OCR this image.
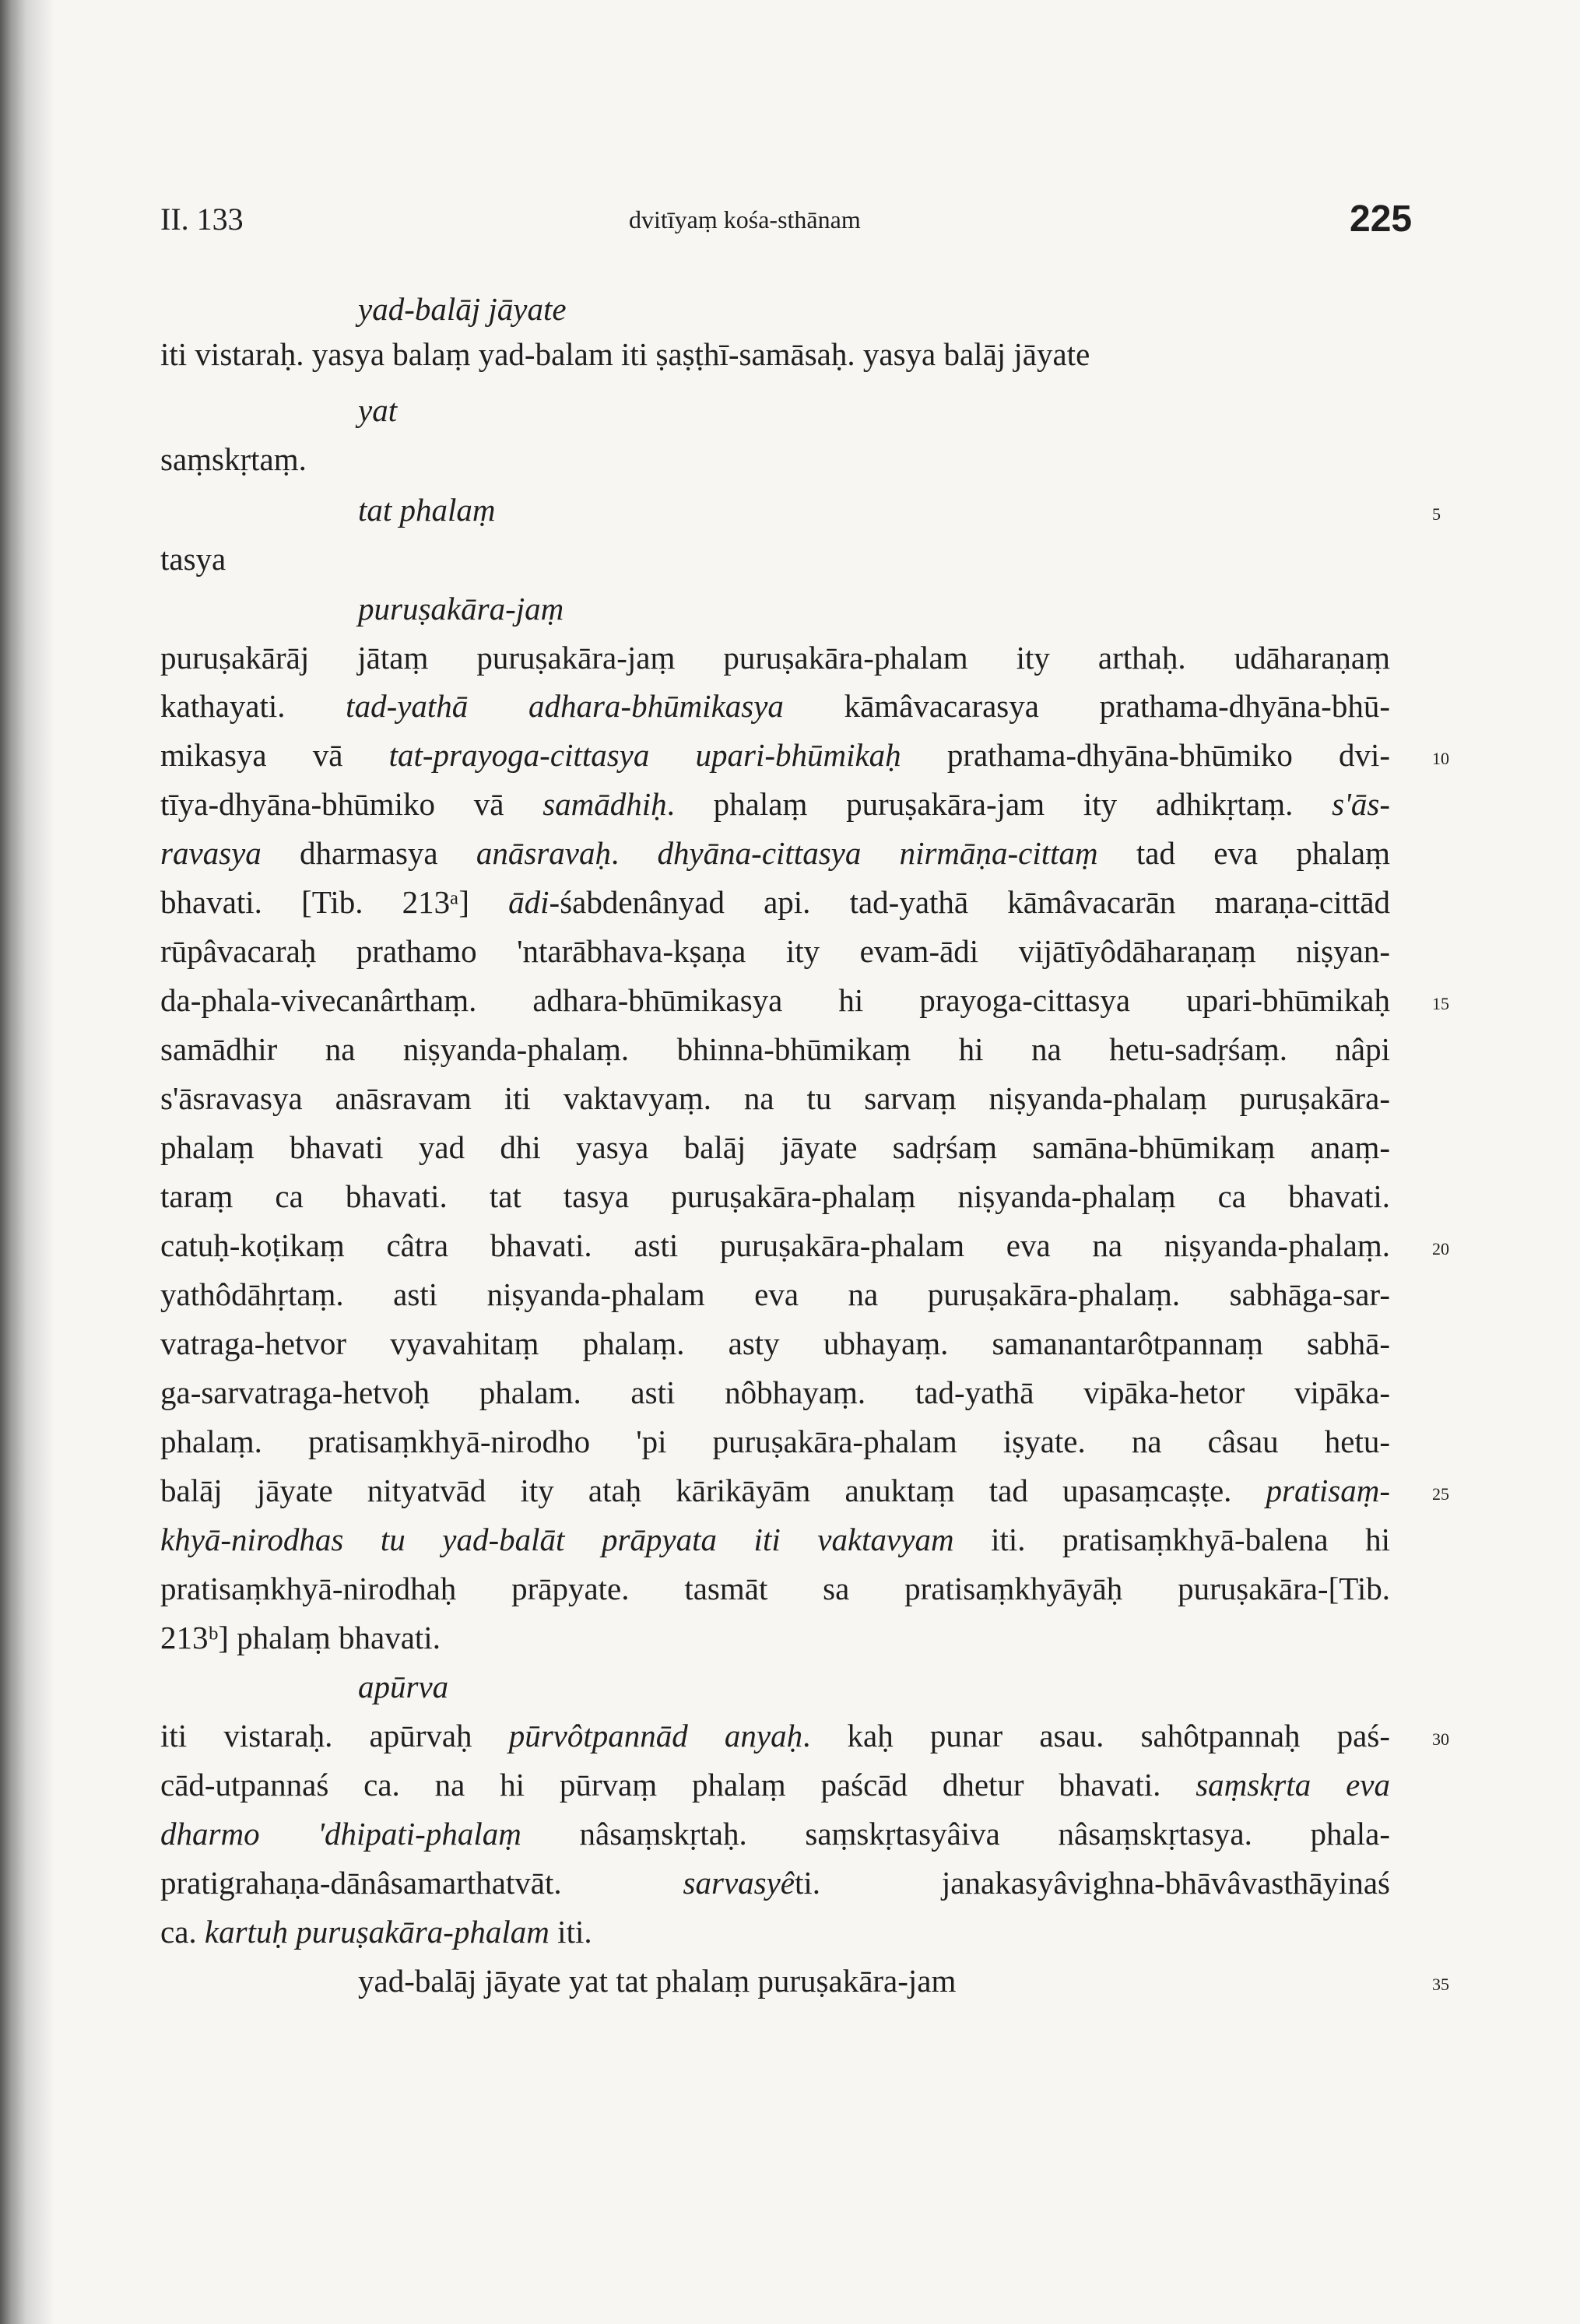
II. 133	dvitīyaṃ kośa-sthānam	225
yad-balāj jāyate
iti vistaraḥ. yasya balaṃ yad-balam iti ṣaṣṭhī-samāsaḥ. yasya balāj jāyate
yat
saṃskṛtaṃ.
tat phalaṃ
tasya
puruṣakāra-jaṃ
puruṣakārāj jātaṃ puruṣakāra-jaṃ puruṣakāra-phalam ity arthaḥ. udāharaṇaṃ
kathayati. tad-yathā adhara-bhūmikasya kāmâvacarasya prathama-dhyāna-bhū-
mikasya vā tat-prayoga-cittasya upari-bhūmikaḥ prathama-dhyāna-bhūmiko dvi-
tīya-dhyāna-bhūmiko vā samādhiḥ. phalaṃ puruṣakāra-jam ity adhikṛtaṃ. s'ās-
ravasya dharmasya anāsravaḥ. dhyāna-cittasya nirmāṇa-cittaṃ tad eva phalaṃ
bhavati. [Tib. 213ᵃ] ādi-śabdenânyad api. tad-yathā kāmâvacarān maraṇa-cittād
rūpâvacaraḥ prathamo 'ntarābhava-kṣaṇa ity evam-ādi vijātīyôdāharaṇaṃ niṣyan-
da-phala-vivecanârthaṃ. adhara-bhūmikasya hi prayoga-cittasya upari-bhūmikaḥ
samādhir na niṣyanda-phalaṃ. bhinna-bhūmikaṃ hi na hetu-sadṛśaṃ. nâpi
s'āsravasya anāsravam iti vaktavyaṃ. na tu sarvaṃ niṣyanda-phalaṃ puruṣakāra-
phalaṃ bhavati yad dhi yasya balāj jāyate sadṛśaṃ samāna-bhūmikaṃ anaṃ-
taraṃ ca bhavati. tat tasya puruṣakāra-phalaṃ niṣyanda-phalaṃ ca bhavati.
catuḥ-koṭikaṃ câtra bhavati. asti puruṣakāra-phalam eva na niṣyanda-phalaṃ.
yathôdāhṛtaṃ. asti niṣyanda-phalam eva na puruṣakāra-phalaṃ. sabhāga-sar-
vatraga-hetvor vyavahitaṃ phalaṃ. asty ubhayaṃ. samanantarôtpannaṃ sabhā-
ga-sarvatraga-hetvoḥ phalam. asti nôbhayaṃ. tad-yathā vipāka-hetor vipāka-
phalaṃ. pratisaṃkhyā-nirodho 'pi puruṣakāra-phalam iṣyate. na câsau hetu-
balāj jāyate nityatvād ity ataḥ kārikāyām anuktaṃ tad upasaṃcaṣṭe. pratisaṃ-
khyā-nirodhas tu yad-balāt prāpyata iti vaktavyam iti. pratisaṃkhyā-balena hi
pratisaṃkhyā-nirodhaḥ prāpyate. tasmāt sa pratisaṃkhyāyāḥ puruṣakāra-[Tib.
213ᵇ] phalaṃ bhavati.
apūrva
iti vistaraḥ. apūrvaḥ pūrvôtpannād anyaḥ. kaḥ punar asau. sahôtpannaḥ paś-
cād-utpannaś ca. na hi pūrvaṃ phalaṃ paścād dhetur bhavati. saṃskṛta eva
dharmo 'dhipati-phalaṃ nâsaṃskṛtaḥ. saṃskṛtasyâiva nâsaṃskṛtasya. phala-
pratigrahaṇa-dānâsamarthatvāt. sarvasyêti. janakasyâvighna-bhāvâvasthāyinaś
ca. kartuḥ puruṣakāra-phalam iti.
yad-balāj jāyate yat tat phalaṃ puruṣakāra-jam
5
10
15
20
25
30
35
